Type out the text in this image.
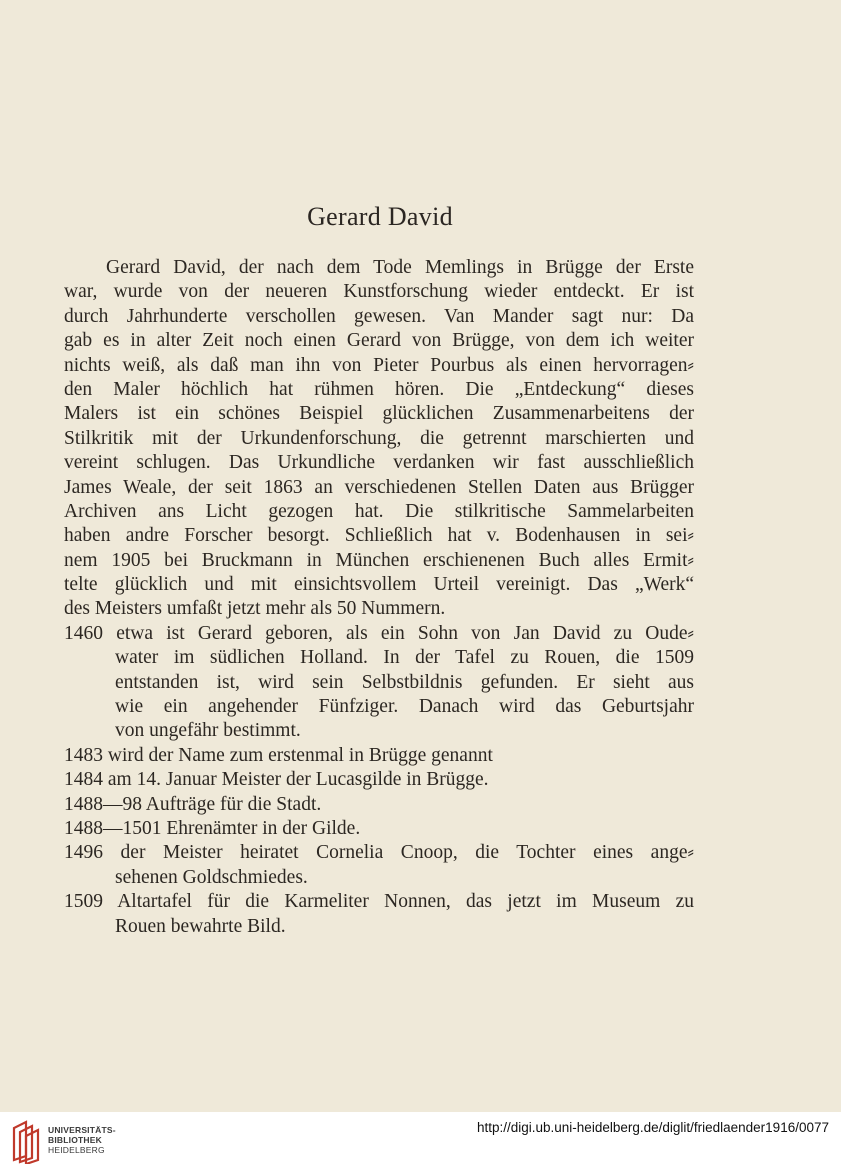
Gerard David
Gerard David, der nach dem Tode Memlings in Brügge der Erste
war, wurde von der neueren Kunstforschung wieder entdeckt. Er ist
durch Jahrhunderte verschollen gewesen. Van Mander sagt nur: Da
gab es in alter Zeit noch einen Gerard von Brügge, von dem ich weiter
nichts weiß, als daß man ihn von Pieter Pourbus als einen hervorragen⸗
den Maler höchlich hat rühmen hören. Die „Entdeckung“ dieses
Malers ist ein schönes Beispiel glücklichen Zusammenarbeitens der
Stilkritik mit der Urkundenforschung, die getrennt marschierten und
vereint schlugen. Das Urkundliche verdanken wir fast ausschließlich
James Weale, der seit 1863 an verschiedenen Stellen Daten aus Brügger
Archiven ans Licht gezogen hat. Die stilkritische Sammelarbeiten
haben andre Forscher besorgt. Schließlich hat v. Bodenhausen in sei⸗
nem 1905 bei Bruckmann in München erschienenen Buch alles Ermit⸗
telte glücklich und mit einsichtsvollem Urteil vereinigt. Das „Werk“
des Meisters umfaßt jetzt mehr als 50 Nummern.
1460 etwa ist Gerard geboren, als ein Sohn von Jan David zu Oude⸗
water im südlichen Holland. In der Tafel zu Rouen, die 1509
entstanden ist, wird sein Selbstbildnis gefunden. Er sieht aus
wie ein angehender Fünfziger. Danach wird das Geburtsjahr
von ungefähr bestimmt.
1483 wird der Name zum erstenmal in Brügge genannt
1484 am 14. Januar Meister der Lucasgilde in Brügge.
1488—98 Aufträge für die Stadt.
1488—1501 Ehrenämter in der Gilde.
1496 der Meister heiratet Cornelia Cnoop, die Tochter eines ange⸗
sehenen Goldschmiedes.
1509 Altartafel für die Karmeliter Nonnen, das jetzt im Museum zu
Rouen bewahrte Bild.
UNIVERSITÄTS-
BIBLIOTHEK
HEIDELBERG
http://digi.ub.uni-heidelberg.de/diglit/friedlaender1916/0077
